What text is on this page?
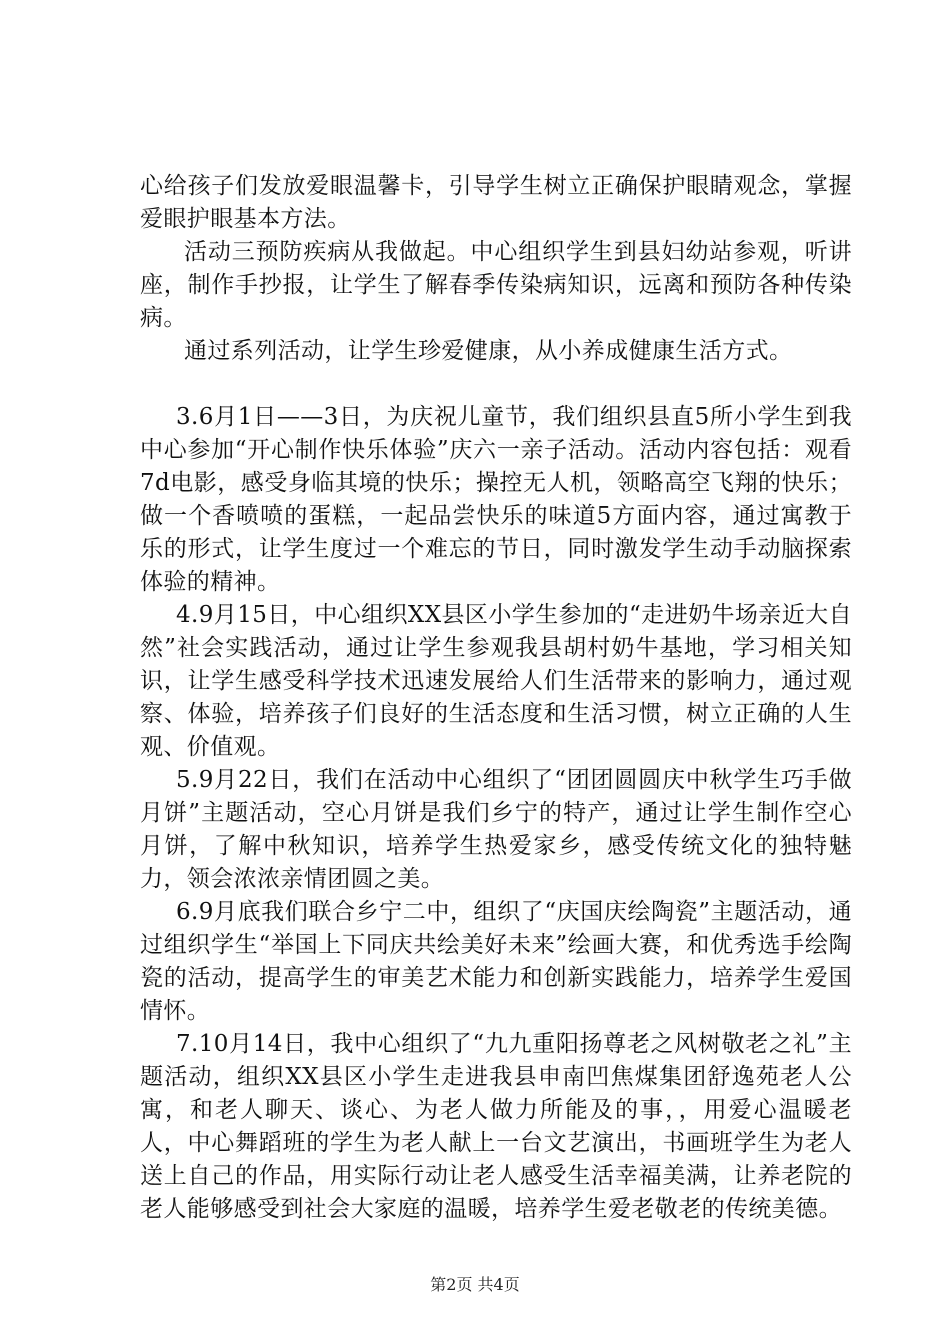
心给孩子们发放爱眼温馨卡，引导学生树立正确保护眼睛观念，掌握爱眼护眼基本方法。

活动三预防疾病从我做起。中心组织学生到县妇幼站参观，听讲座，制作手抄报，让学生了解春季传染病知识，远离和预防各种传染病。

通过系列活动，让学生珍爱健康，从小养成健康生活方式。

3.6月1日——3日，为庆祝儿童节，我们组织县直5所小学生到我中心参加“开心制作快乐体验”庆六一亲子活动。活动内容包括：观看7d电影，感受身临其境的快乐；操控无人机，领略高空飞翔的快乐；做一个香喷喷的蛋糕，一起品尝快乐的味道5方面内容，通过寓教于乐的形式，让学生度过一个难忘的节日，同时激发学生动手动脑探索体验的精神。

4.9月15日，中心组织XX县区小学生参加的“走进奶牛场亲近大自然”社会实践活动，通过让学生参观我县胡村奶牛基地，学习相关知识，让学生感受科学技术迅速发展给人们生活带来的影响力，通过观察、体验，培养孩子们良好的生活态度和生活习惯，树立正确的人生观、价值观。

5.9月22日，我们在活动中心组织了“团团圆圆庆中秋学生巧手做月饼”主题活动，空心月饼是我们乡宁的特产，通过让学生制作空心月饼，了解中秋知识，培养学生热爱家乡，感受传统文化的独特魅力，领会浓浓亲情团圆之美。

6.9月底我们联合乡宁二中，组织了“庆国庆绘陶瓷”主题活动，通过组织学生“举国上下同庆共绘美好未来”绘画大赛，和优秀选手绘陶瓷的活动，提高学生的审美艺术能力和创新实践能力，培养学生爱国情怀。

7.10月14日，我中心组织了“九九重阳扬尊老之风树敬老之礼”主题活动，组织XX县区小学生走进我县申南凹焦煤集团舒逸苑老人公寓，和老人聊天、谈心、为老人做力所能及的事，，用爱心温暖老人，中心舞蹈班的学生为老人献上一台文艺演出，书画班学生为老人送上自己的作品，用实际行动让老人感受生活幸福美满，让养老院的老人能够感受到社会大家庭的温暖，培养学生爱老敬老的传统美德。

第2页 共4页
